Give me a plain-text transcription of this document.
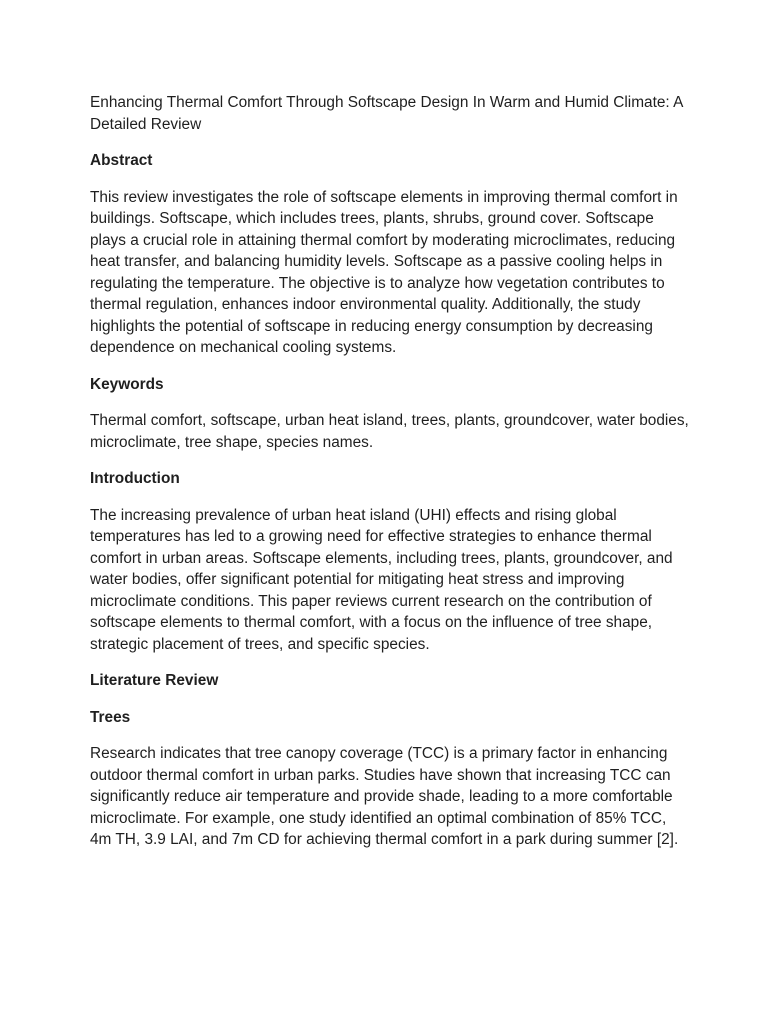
Enhancing Thermal Comfort Through Softscape Design In Warm and Humid Climate: A Detailed Review

Abstract

This review investigates the role of softscape elements in improving thermal comfort in buildings. Softscape, which includes trees, plants, shrubs, ground cover. Softscape plays a crucial role in attaining thermal comfort by moderating microclimates, reducing heat transfer, and balancing humidity levels. Softscape as a passive cooling helps in regulating the temperature. The objective is to analyze how vegetation contributes to thermal regulation, enhances indoor environmental quality. Additionally, the study highlights the potential of softscape in reducing energy consumption by decreasing dependence on mechanical cooling systems.

Keywords

Thermal comfort, softscape, urban heat island, trees, plants, groundcover, water bodies, microclimate, tree shape, species names.

Introduction

The increasing prevalence of urban heat island (UHI) effects and rising global temperatures has led to a growing need for effective strategies to enhance thermal comfort in urban areas. Softscape elements, including trees, plants, groundcover, and water bodies, offer significant potential for mitigating heat stress and improving microclimate conditions. This paper reviews current research on the contribution of softscape elements to thermal comfort, with a focus on the influence of tree shape, strategic placement of trees, and specific species.

Literature Review

Trees

Research indicates that tree canopy coverage (TCC) is a primary factor in enhancing outdoor thermal comfort in urban parks. Studies have shown that increasing TCC can significantly reduce air temperature and provide shade, leading to a more comfortable microclimate. For example, one study identified an optimal combination of 85% TCC, 4m TH, 3.9 LAI, and 7m CD for achieving thermal comfort in a park during summer [2].
